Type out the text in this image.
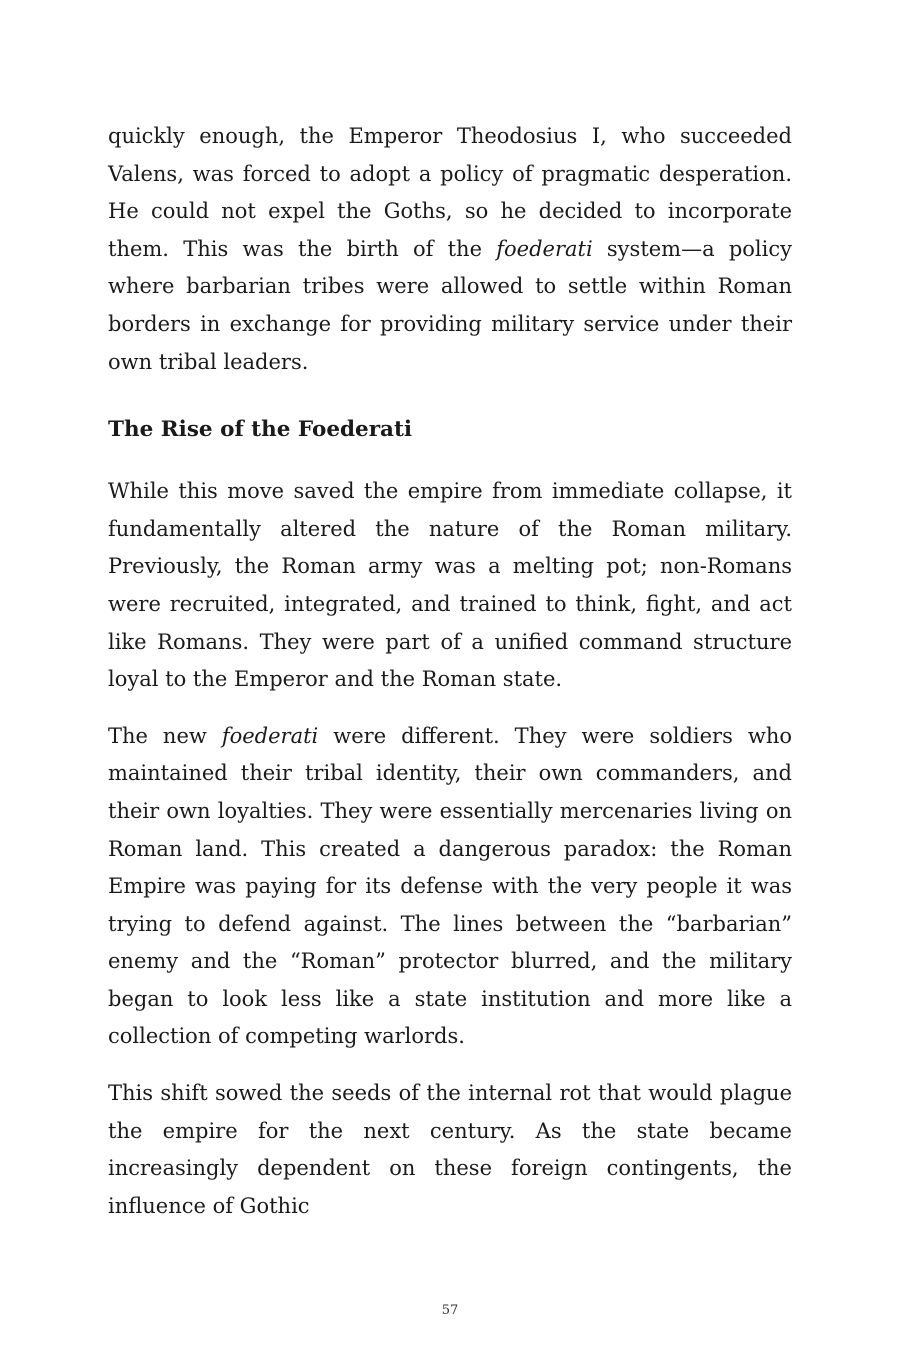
quickly enough, the Emperor Theodosius I, who succeeded Valens, was forced to adopt a policy of pragmatic desperation. He could not expel the Goths, so he decided to incorporate them. This was the birth of the foederati system—a policy where barbarian tribes were allowed to settle within Roman borders in exchange for providing military service under their own tribal leaders.

The Rise of the Foederati

While this move saved the empire from immediate collapse, it fundamentally altered the nature of the Roman military. Previously, the Roman army was a melting pot; non-Romans were recruited, integrated, and trained to think, fight, and act like Romans. They were part of a unified command structure loyal to the Emperor and the Roman state.

The new foederati were different. They were soldiers who maintained their tribal identity, their own commanders, and their own loyalties. They were essentially mercenaries living on Roman land. This created a dangerous paradox: the Roman Empire was paying for its defense with the very people it was trying to defend against. The lines between the “barbarian” enemy and the “Roman” protector blurred, and the military began to look less like a state institution and more like a collection of competing warlords.

This shift sowed the seeds of the internal rot that would plague the empire for the next century. As the state became increasingly dependent on these foreign contingents, the influence of Gothic

57
